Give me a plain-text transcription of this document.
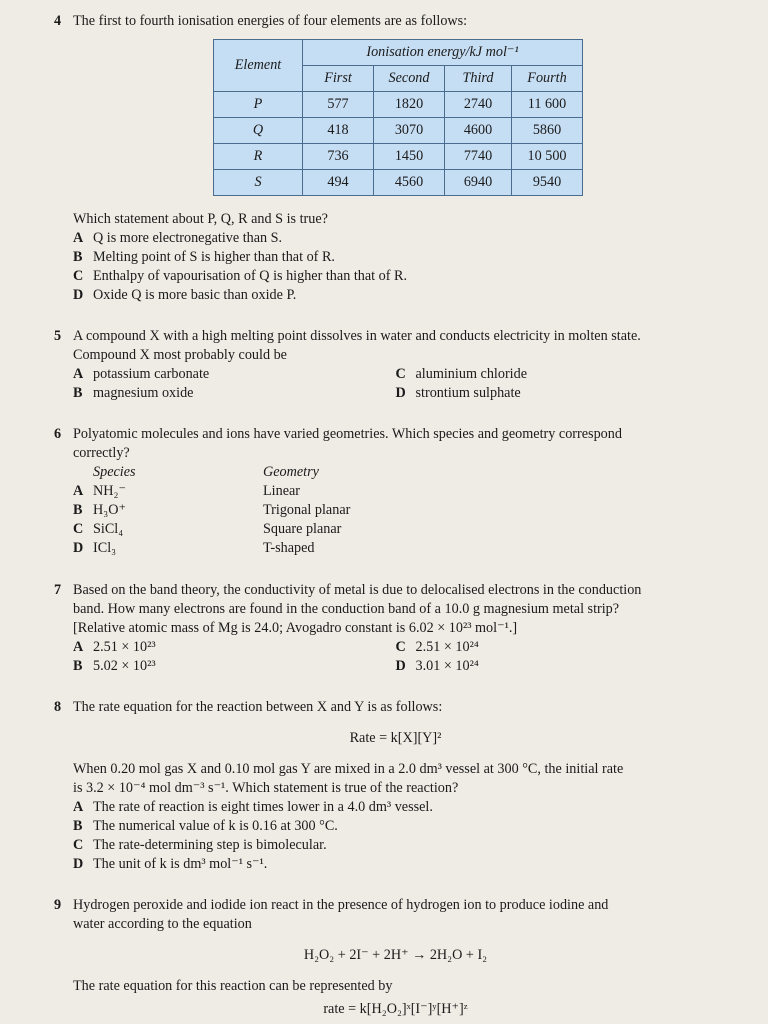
4 The first to fourth ionisation energies of four elements are as follows:
Element	Ionisation energy/kJ mol⁻¹			
	First	Second	Third	Fourth
P	577	1820	2740	11 600
Q	418	3070	4600	5860
R	736	1450	7740	10 500
S	494	4560	6940	9540
Which statement about P, Q, R and S is true?
A Q is more electronegative than S.
B Melting point of S is higher than that of R.
C Enthalpy of vapourisation of Q is higher than that of R.
D Oxide Q is more basic than oxide P.
5 A compound X with a high melting point dissolves in water and conducts electricity in molten state.
Compound X most probably could be
A potassium carbonate	C aluminium chloride
B magnesium oxide	D strontium sulphate
6 Polyatomic molecules and ions have varied geometries. Which species and geometry correspond
correctly?
Species	Geometry
A NH₂⁻	Linear
B H₃O⁺	Trigonal planar
C SiCl₄	Square planar
D ICl₃	T-shaped
7 Based on the band theory, the conductivity of metal is due to delocalised electrons in the conduction
band. How many electrons are found in the conduction band of a 10.0 g magnesium metal strip?
[Relative atomic mass of Mg is 24.0; Avogadro constant is 6.02 × 10²³ mol⁻¹.]
A 2.51 × 10²³	C 2.51 × 10²⁴
B 5.02 × 10²³	D 3.01 × 10²⁴
8 The rate equation for the reaction between X and Y is as follows:
Rate = k[X][Y]²
When 0.20 mol gas X and 0.10 mol gas Y are mixed in a 2.0 dm³ vessel at 300 °C, the initial rate
is 3.2 × 10⁻⁴ mol dm⁻³ s⁻¹. Which statement is true of the reaction?
A The rate of reaction is eight times lower in a 4.0 dm³ vessel.
B The numerical value of k is 0.16 at 300 °C.
C The rate-determining step is bimolecular.
D The unit of k is dm³ mol⁻¹ s⁻¹.
9 Hydrogen peroxide and iodide ion react in the presence of hydrogen ion to produce iodine and
water according to the equation
H₂O₂ + 2I⁻ + 2H⁺ → 2H₂O + I₂
The rate equation for this reaction can be represented by
rate = k[H₂O₂]ˣ[I⁻]ʸ[H⁺]ᶻ
